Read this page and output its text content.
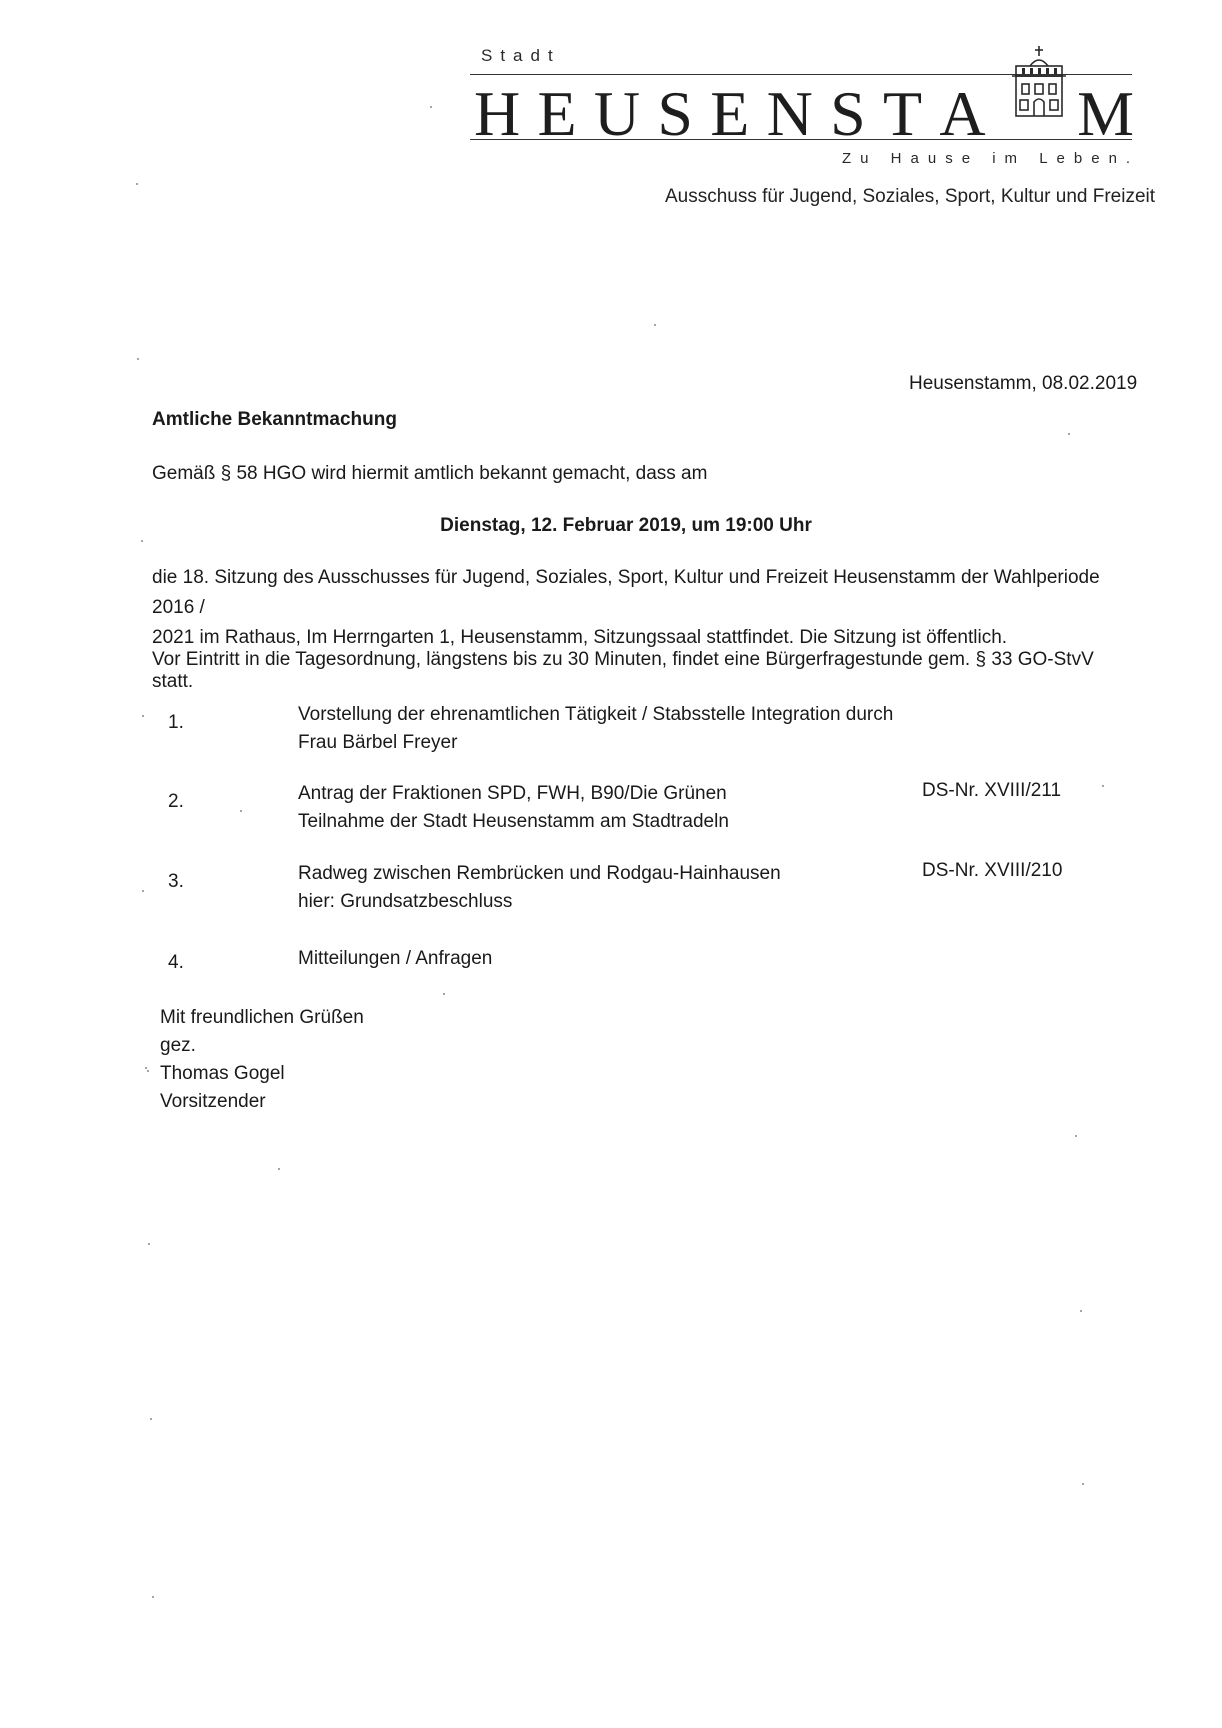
Stadt
H E U S E N S T A M
Zu Hause im Leben.
Ausschuss für Jugend, Soziales, Sport, Kultur und Freizeit
Heusenstamm, 08.02.2019
Amtliche Bekanntmachung
Gemäß § 58 HGO wird hiermit amtlich bekannt gemacht, dass am
Dienstag, 12. Februar 2019, um 19:00 Uhr
die 18. Sitzung des Ausschusses für Jugend, Soziales, Sport, Kultur und Freizeit Heusenstamm der Wahlperiode 2016 /
2021 im Rathaus, Im Herrngarten 1, Heusenstamm, Sitzungssaal stattfindet. Die Sitzung ist öffentlich.
Vor Eintritt in die Tagesordnung, längstens bis zu 30 Minuten, findet eine Bürgerfragestunde gem. § 33 GO-StvV statt.
1.	Vorstellung der ehrenamtlichen Tätigkeit / Stabsstelle Integration durch
Frau Bärbel Freyer
2.	Antrag der Fraktionen SPD, FWH, B90/Die Grünen
Teilnahme der Stadt Heusenstamm am Stadtradeln
DS-Nr. XVIII/211
3.	Radweg zwischen Rembrücken und Rodgau-Hainhausen
hier: Grundsatzbeschluss
DS-Nr. XVIII/210
4.	Mitteilungen / Anfragen
Mit freundlichen Grüßen
gez.
Thomas Gogel
Vorsitzender
